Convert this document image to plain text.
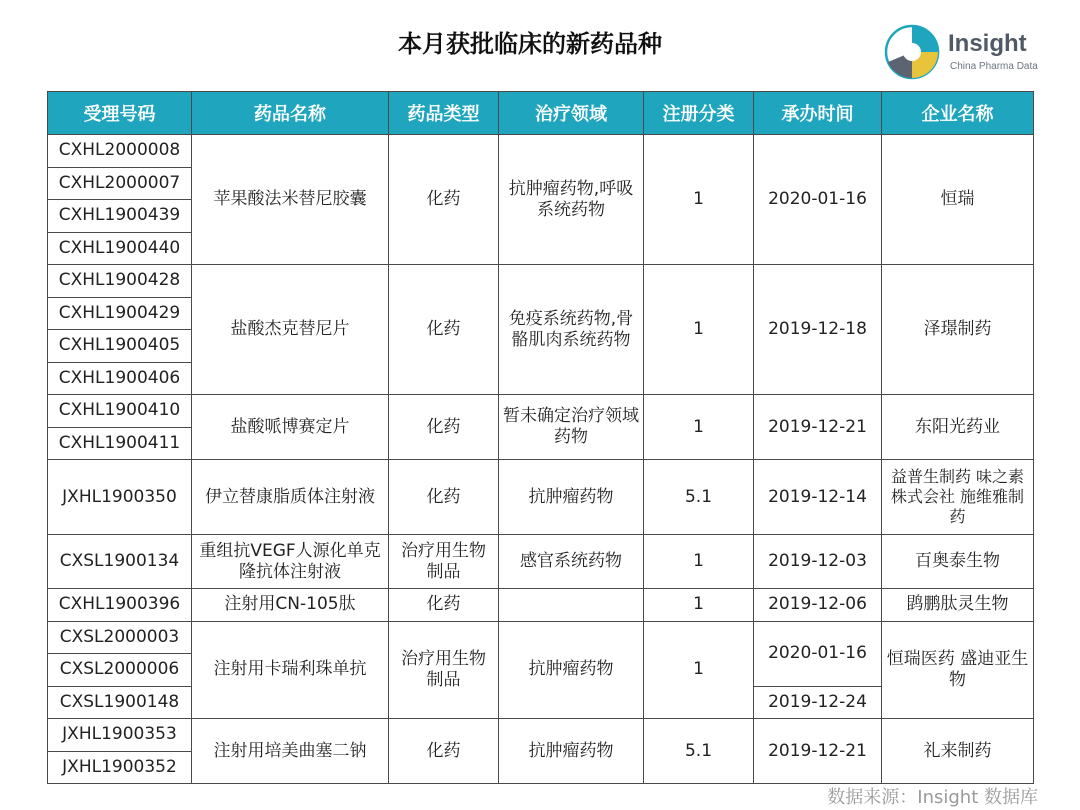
本月获批临床的新药品种	Insight
China Pharma Data
受理号码	药品名称	药品类型	治疗领域	注册分类	承办时间	企业名称
CXHL2000008	苹果酸法米替尼胶囊	化药	抗肿瘤药物,呼吸系统药物	1	2020-01-16	恒瑞
CXHL2000007						
CXHL1900439						
CXHL1900440						
CXHL1900428	盐酸杰克替尼片	化药	免疫系统药物,骨骼肌肉系统药物	1	2019-12-18	泽璟制药
CXHL1900429						
CXHL1900405						
CXHL1900406						
CXHL1900410	盐酸哌博赛定片	化药	暂未确定治疗领域药物	1	2019-12-21	东阳光药业
CXHL1900411						
JXHL1900350	伊立替康脂质体注射液	化药	抗肿瘤药物	5.1	2019-12-14	益普生制药 味之素株式会社 施维雅制药
CXSL1900134	重组抗VEGF人源化单克隆抗体注射液	治疗用生物制品	感官系统药物	1	2019-12-03	百奥泰生物
CXHL1900396	注射用CN-105肽	化药		1	2019-12-06	鹍鹏肽灵生物
CXSL2000003	注射用卡瑞利珠单抗	治疗用生物制品	抗肿瘤药物	1	2020-01-16	恒瑞医药 盛迪亚生物
CXSL2000006						
CXSL1900148					2019-12-24	
JXHL1900353	注射用培美曲塞二钠	化药	抗肿瘤药物	5.1	2019-12-21	礼来制药
JXHL1900352						
数据来源：Insight 数据库
